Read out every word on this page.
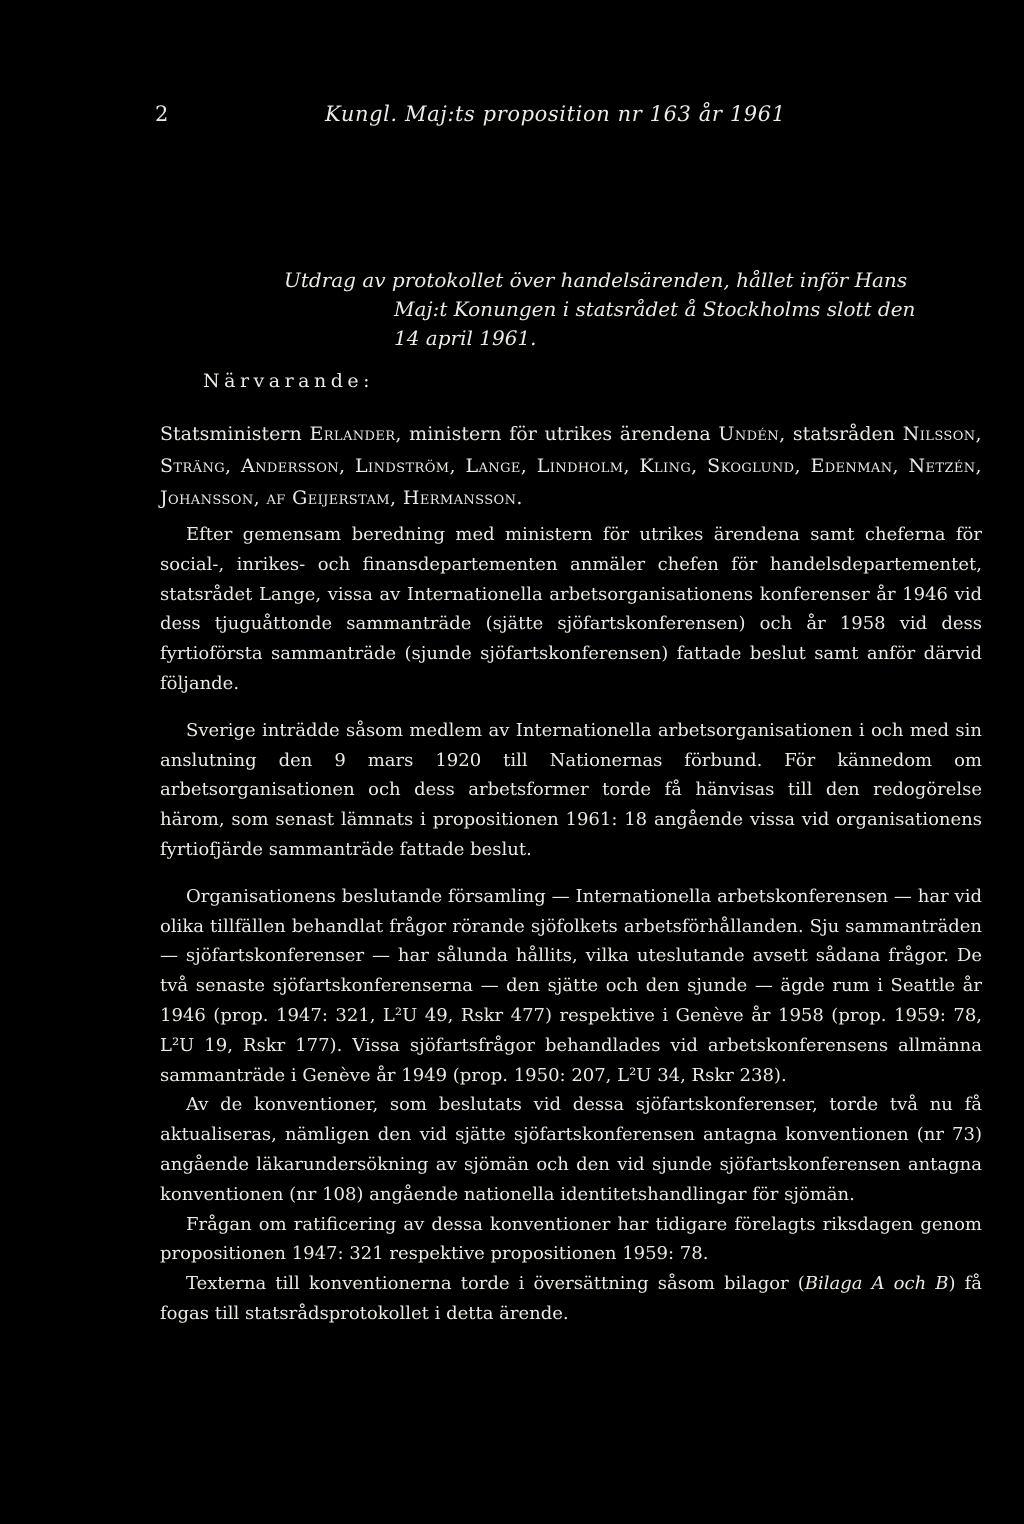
2	Kungl. Maj:ts proposition nr 163 år 1961
Utdrag av protokollet över handelsärenden, hållet inför Hans
Maj:t Konungen i statsrådet å Stockholms slott den
14 april 1961.
Närvarande:
Statsministern Erlander, ministern för utrikes ärendena Undén, statsråden Nilsson, Sträng, Andersson, Lindström, Lange, Lindholm, Kling, Skoglund, Edenman, Netzén, Johansson, af Geijerstam, Hermansson.

Efter gemensam beredning med ministern för utrikes ärendena samt cheferna för social-, inrikes- och finansdepartementen anmäler chefen för handelsdepartementet, statsrådet Lange, vissa av Internationella arbetsorganisationens konferenser år 1946 vid dess tjuguåttonde sammanträde (sjätte sjöfartskonferensen) och år 1958 vid dess fyrtioförsta sammanträde (sjunde sjöfartskonferensen) fattade beslut samt anför därvid följande.

Sverige inträdde såsom medlem av Internationella arbetsorganisationen i och med sin anslutning den 9 mars 1920 till Nationernas förbund. För kännedom om arbetsorganisationen och dess arbetsformer torde få hänvisas till den redogörelse härom, som senast lämnats i propositionen 1961: 18 angående vissa vid organisationens fyrtiofjärde sammanträde fattade beslut.

Organisationens beslutande församling — Internationella arbetskonferensen — har vid olika tillfällen behandlat frågor rörande sjöfolkets arbetsförhållanden. Sju sammanträden — sjöfartskonferenser — har sålunda hållits, vilka uteslutande avsett sådana frågor. De två senaste sjöfartskonferenserna — den sjätte och den sjunde — ägde rum i Seattle år 1946 (prop. 1947: 321, L²U 49, Rskr 477) respektive i Genève år 1958 (prop. 1959: 78, L²U 19, Rskr 177). Vissa sjöfartsfrågor behandlades vid arbetskonferensens allmänna sammanträde i Genève år 1949 (prop. 1950: 207, L²U 34, Rskr 238).

Av de konventioner, som beslutats vid dessa sjöfartskonferenser, torde två nu få aktualiseras, nämligen den vid sjätte sjöfartskonferensen antagna konventionen (nr 73) angående läkarundersökning av sjömän och den vid sjunde sjöfartskonferensen antagna konventionen (nr 108) angående nationella identitetshandlingar för sjömän.

Frågan om ratificering av dessa konventioner har tidigare förelagts riksdagen genom propositionen 1947: 321 respektive propositionen 1959: 78.

Texterna till konventionerna torde i översättning såsom bilagor (Bilaga A och B) få fogas till statsrådsprotokollet i detta ärende.
